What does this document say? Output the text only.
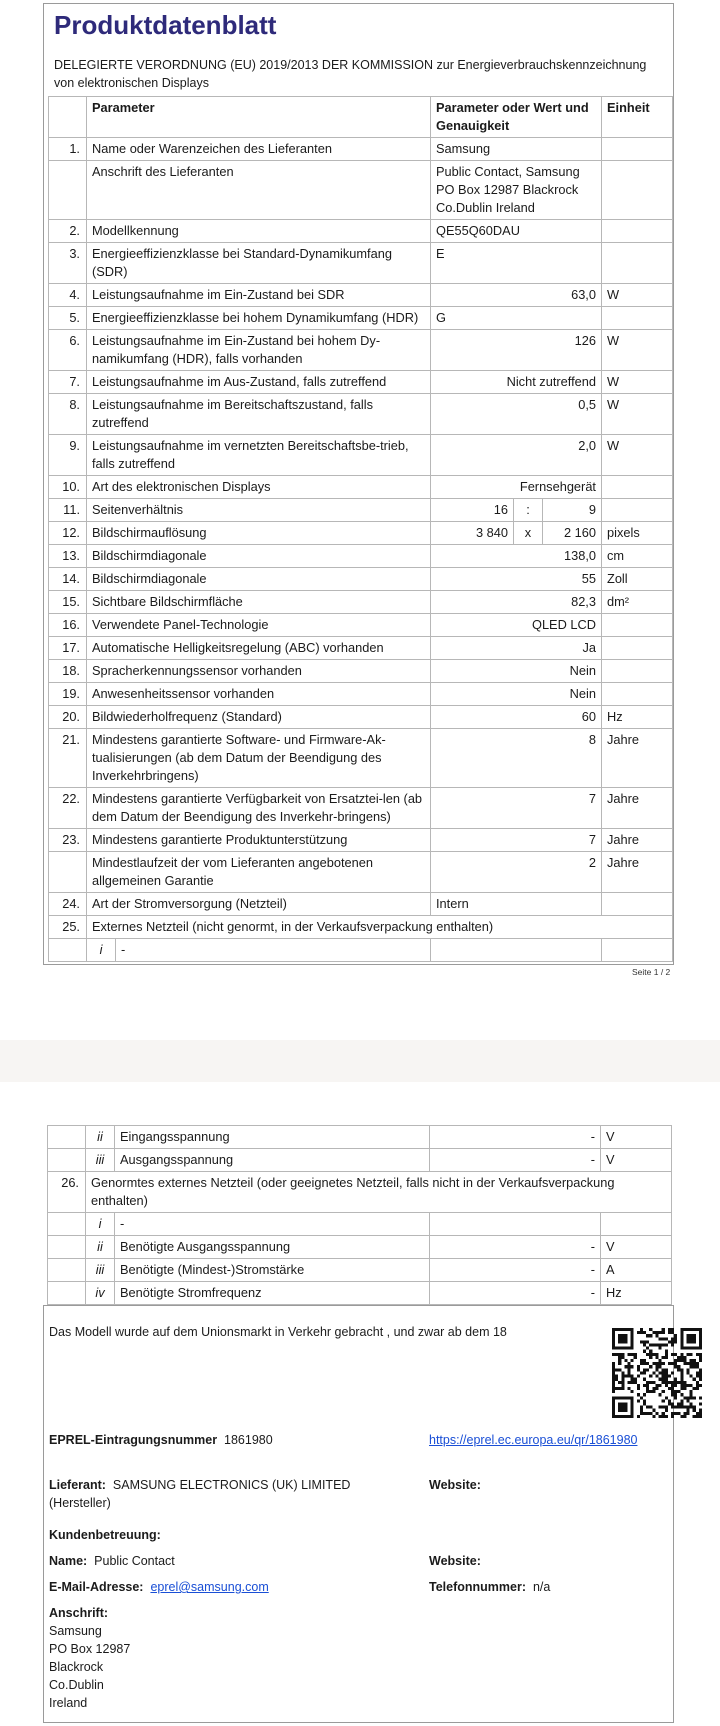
Produktdatenblatt
DELEGIERTE VERORDNUNG (EU) 2019/2013 DER KOMMISSION zur Energieverbrauchskennzeichnung von elektronischen Displays
	Parameter	Parameter oder Wert und Genauigkeit			Einheit
1.	Name oder Warenzeichen des Lieferanten	Samsung			
	Anschrift des Lieferanten	Public Contact, Samsung PO Box 12987 Blackrock Co.Dublin Ireland			
2.	Modellkennung	QE55Q60DAU			
3.	Energieeffizienzklasse bei Standard-Dynamikumfang (SDR)	E			
4.	Leistungsaufnahme im Ein-Zustand bei SDR	63,0			W
5.	Energieeffizienzklasse bei hohem Dynamikumfang (HDR)	G			
6.	Leistungsaufnahme im Ein-Zustand bei hohem Dy-namikumfang (HDR), falls vorhanden	126			W
7.	Leistungsaufnahme im Aus-Zustand, falls zutreffend	Nicht zutreffend			W
8.	Leistungsaufnahme im Bereitschaftszustand, falls zutreffend	0,5			W
9.	Leistungsaufnahme im vernetzten Bereitschaftsbe-trieb, falls zutreffend	2,0			W
10.	Art des elektronischen Displays	Fernsehgerät			
11.	Seitenverhältnis	16	:	9	
12.	Bildschirmauflösung	3 840	x	2 160	pixels
13.	Bildschirmdiagonale	138,0			cm
14.	Bildschirmdiagonale	55			Zoll
15.	Sichtbare Bildschirmfläche	82,3			dm²
16.	Verwendete Panel-Technologie	QLED LCD			
17.	Automatische Helligkeitsregelung (ABC) vorhanden	Ja			
18.	Spracherkennungssensor vorhanden	Nein			
19.	Anwesenheitssensor vorhanden	Nein			
20.	Bildwiederholfrequenz (Standard)	60			Hz
21.	Mindestens garantierte Software- und Firmware-Ak-tualisierungen (ab dem Datum der Beendigung des Inverkehrbringens)	8			Jahre
22.	Mindestens garantierte Verfügbarkeit von Ersatztei-len (ab dem Datum der Beendigung des Inverkehr-bringens)	7			Jahre
23.	Mindestens garantierte Produktunterstützung	7			Jahre
	Mindestlaufzeit der vom Lieferanten angebotenen allgemeinen Garantie	2			Jahre
24.	Art der Stromversorgung (Netzteil)	Intern			
25.	Externes Netzteil (nicht genormt, in der Verkaufsverpackung enthalten)				

	i -				

Seite 1 / 2

	ii Eingangsspannung	-	V

	iii Ausgangsspannung	-	V
26.	Genormtes externes Netzteil (oder geeignetes Netzteil, falls nicht in der Verkaufsverpackung enthalten)		

	i -		

	ii Benötigte Ausgangsspannung	-	V

	iii Benötigte (Mindest-)Stromstärke	-	A

	iv Benötigte Stromfrequenz	-	Hz
Das Modell wurde auf dem Unionsmarkt in Verkehr gebracht , und zwar ab dem 18
EPREL-Eintragungsnummer 1861980	https://eprel.ec.europa.eu/qr/1861980
Lieferant: SAMSUNG ELECTRONICS (UK) LIMITED (Hersteller)
Website:
Kundenbetreuung:
Name: Public Contact	Website:
E-Mail-Adresse: eprel@samsung.com	Telefonnummer: n/a
Anschrift:
Samsung
PO Box 12987
Blackrock
Co.Dublin
Ireland
